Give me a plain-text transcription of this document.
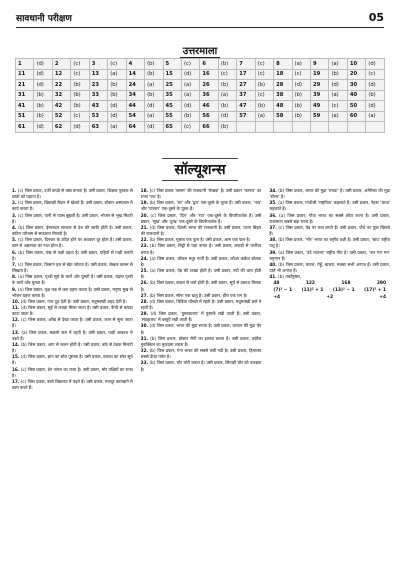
सावधानी परीक्षण	05
उत्तरमाला
1	(d)	2	(c)	3	(c)	4	(b)	5	(c)	6	(b)	7	(c)	8	(a)	9	(a)	10	(d)
11	(d)	12	(c)	13	(a)	14	(b)	15	(d)	16	(c)	17	(c)	18	(c)	19	(b)	20	(c)
21	(d)	22	(b)	23	(b)	24	(a)	25	(a)	26	(b)	27	(b)	28	(d)	29	(d)	30	(d)
31	(b)	32	(b)	33	(b)	34	(b)	35	(a)	36	(a)	37	(c)	38	(b)	39	(a)	40	(b)
41	(b)	42	(b)	43	(d)	44	(d)	45	(d)	46	(b)	47	(b)	48	(b)	49	(c)	50	(d)
51	(b)	52	(c)	53	(d)	54	(a)	55	(b)	56	(d)	57	(a)	58	(b)	59	(a)	60	(a)
61	(d)	62	(d)	63	(a)	64	(d)	65	(c)	66	(b)								
सॉल्यूशन्स
1. (c) जिस प्रकार, दर्जी कपड़े से वस्त्र बनाता है। उसी प्रकार, शिक्षक पुस्तक से छात्रों को पढ़ाता है।
2. (c) जिस प्रकार, खिलाड़ी मैदान में खेलते हैं। उसी प्रकार, डॉक्टर अस्पताल में कार्य करता है।
3. (c) जिस प्रकार, पानी से प्यास बुझती है। उसी प्रकार, भोजन से भूख मिटती है।
4. (b) जिस प्रकार, ईमानदार सरकार से देश की उन्नति होती है। उसी प्रकार, कठिन परिश्रम से सफलता मिलती है।
5. (c) जिस प्रकार, दिनकर के उदित होने पर अंधकार दूर होता है। उसी प्रकार, ज्ञान से अज्ञानता का नाश होता है।
6. (b) जिस प्रकार, पंख से पक्षी उड़ता है। उसी प्रकार, पहियों से गाड़ी चलती है।
7. (c) जिस प्रकार, किसान हल से खेत जोतता है। उसी प्रकार, लेखक कलम से लिखता है।
8. (a) जिस प्रकार, पृथ्वी सूर्य के चारों ओर घूमती है। उसी प्रकार, चंद्रमा पृथ्वी के चारों ओर घूमता है।
9. (a) जिस प्रकार, वृक्ष जड़ से जल ग्रहण करता है। उसी प्रकार, मनुष्य मुख से भोजन ग्रहण करता है।
10. (d) जिस प्रकार, गाय दूध देती है। उसी प्रकार, मधुमक्खी शहद देती है।
11. (d) जिस प्रकार, सूई से कपड़ा सिला जाता है। उसी प्रकार, कैंची से कपड़ा काटा जाता है।
12. (c) जिस प्रकार, आँख से देखा जाता है। उसी प्रकार, कान से सुना जाता है।
13. (a) जिस प्रकार, मछली जल में रहती है। उसी प्रकार, पक्षी आकाश में उड़ते हैं।
14. (b) जिस प्रकार, आग से जलन होती है। उसी प्रकार, बर्फ से ठंडक मिलती है।
15. (d) जिस प्रकार, ज्ञान का स्रोत पुस्तक है। उसी प्रकार, प्रकाश का स्रोत सूर्य है।
16. (c) जिस प्रकार, शेर जंगल का राजा है। उसी प्रकार, मोर पक्षियों का राजा है।
17. (c) जिस प्रकार, बच्चे विद्यालय में पढ़ते हैं। उसी प्रकार, मजदूर कारखाने में काम करते हैं।
18. (c) जिस प्रकार 'कलम' की राजधानी 'लेखक' है। उसी प्रकार 'कागज' का राजा 'पत्र' है।
19. (b) जिस प्रकार, 'घर' और 'द्वार' एक-दूसरे के पूरक हैं। उसी प्रकार, 'नाव' और 'पतवार' एक-दूसरे के पूरक हैं।
20. (c) जिस प्रकार, 'दिन' और 'रात' एक-दूसरे के विपरीतार्थक हैं। उसी प्रकार, 'सुख' और 'दुःख' एक-दूसरे के विपरीतार्थक हैं।
21. (d) जिस प्रकार, दिल्ली भारत की राजधानी है। उसी प्रकार, पटना बिहार की राजधानी है।
22. (b) जिस प्रकार, गुलाब एक फूल है। उसी प्रकार, आम एक फल है।
23. (b) जिस प्रकार, मिट्टी से घड़ा बनता है। उसी प्रकार, लकड़ी से फर्नीचर बनता है।
24. (a) जिस प्रकार, कोयल मधुर गाती है। उसी प्रकार, कौआ कर्कश बोलता है।
25. (a) जिस प्रकार, पेड़ की शाखा होती है। उसी प्रकार, नदी की धारा होती है।
26. (b) जिस प्रकार, बादल से वर्षा होती है। उसी प्रकार, सूर्य से प्रकाश मिलता है।
27. (b) जिस प्रकार, सोना एक धातु है। उसी प्रकार, हीरा एक रत्न है।
28. (d) जिस प्रकार, चिड़िया घोंसले में रहती है। उसी प्रकार, मधुमक्खी छत्ते में रहती है।
29. (d) जिस प्रकार, 'पुस्तकालय' में पुस्तकें रखी जाती हैं। उसी प्रकार, 'संग्रहालय' में वस्तुएँ रखी जाती हैं।
30. (d) जिस प्रकार, भारत की मुद्रा रुपया है। उसी प्रकार, जापान की मुद्रा येन है।
31. (b) जिस प्रकार, डॉक्टर रोगी का इलाज करता है। उसी प्रकार, वकील मुवक्किल का मुकदमा लड़ता है।
32. (b) जिस प्रकार, गंगा भारत की सबसे लंबी नदी है। उसी प्रकार, हिमालय सबसे ऊँचा पर्वत है।
33. (b) जिस प्रकार, चोर चोरी करता है। उसी प्रकार, सिपाही चोर को पकड़ता है।
34. (b) जिस प्रकार, भारत की मुद्रा 'रुपया' है। उसी प्रकार, अमेरिका की मुद्रा 'डॉलर' है।
35. (a) जिस प्रकार, गांधीजी 'राष्ट्रपिता' कहलाते हैं। उसी प्रकार, नेहरू 'चाचा' कहलाते हैं।
36. (a) जिस प्रकार, गोवा भारत का सबसे छोटा राज्य है। उसी प्रकार, राजस्थान सबसे बड़ा राज्य है।
37. (c) जिस प्रकार, पेड़ पर फल लगते हैं। उसी प्रकार, पौधे पर फूल खिलते हैं।
38. (b) जिस प्रकार, 'मोर' भारत का राष्ट्रीय पक्षी है। उसी प्रकार, 'बाघ' राष्ट्रीय पशु है।
39. (a) जिस प्रकार, 'वंदे मातरम्' राष्ट्रीय गीत है। उसी प्रकार, 'जन गण मन' राष्ट्रगान है।
40. (b) जिस प्रकार, चावल, गेहूँ, बाजरा, मक्का सभी अनाज हैं। उसी प्रकार, दालें भी अनाज हैं।
41. (b) तर्कानुसार,
48	122	168	290
(7)² − 1 (11)² + 1 (13)² − 1 (17)² + 1
+4	+2	+4
